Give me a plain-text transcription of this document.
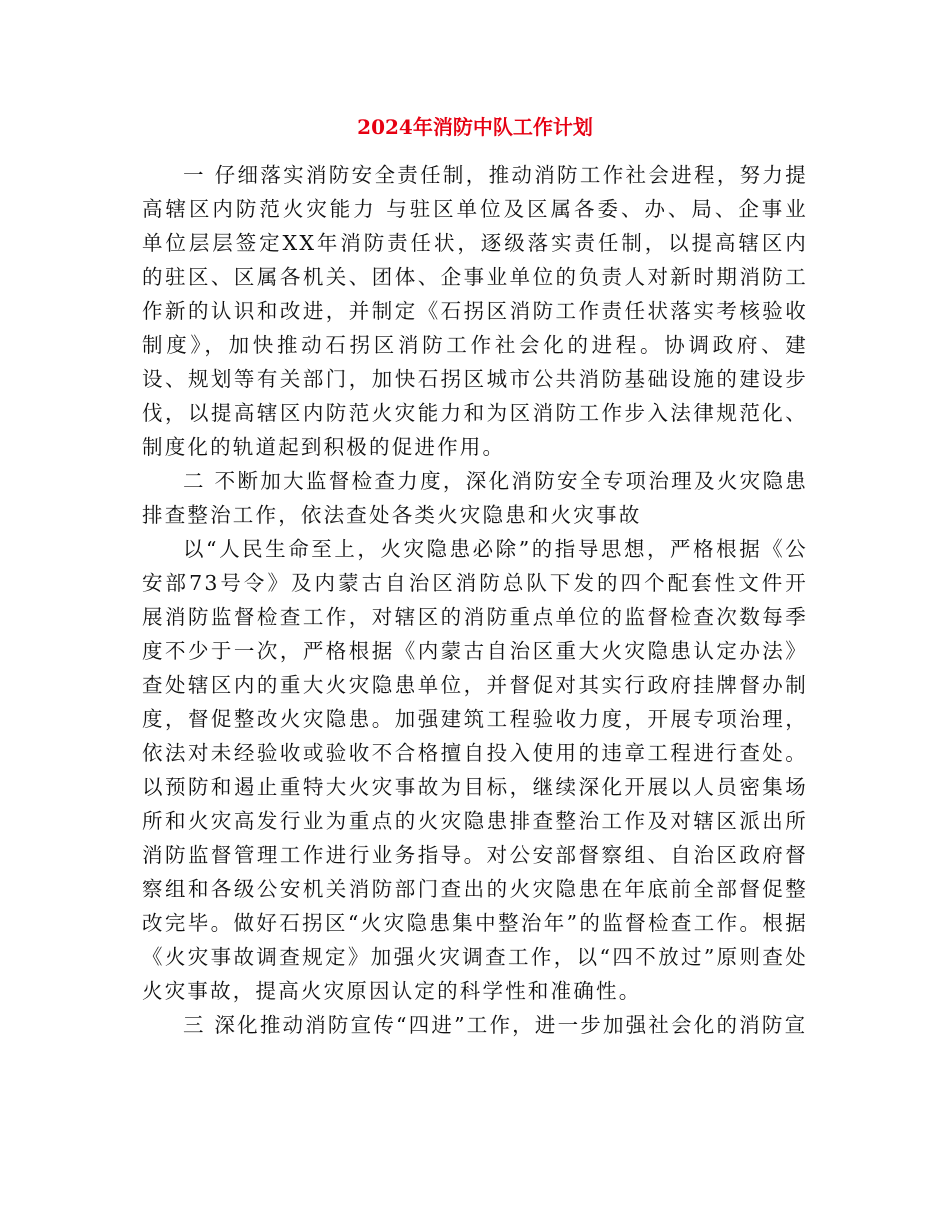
2024年消防中队工作计划

一 仔细落实消防安全责任制，推动消防工作社会进程，努力提高辖区内防范火灾能力 与驻区单位及区属各委、办、局、企事业单位层层签定XX年消防责任状，逐级落实责任制，以提高辖区内的驻区、区属各机关、团体、企事业单位的负责人对新时期消防工作新的认识和改进，并制定《石拐区消防工作责任状落实考核验收制度》，加快推动石拐区消防工作社会化的进程。协调政府、建设、规划等有关部门，加快石拐区城市公共消防基础设施的建设步伐，以提高辖区内防范火灾能力和为区消防工作步入法律规范化、制度化的轨道起到积极的促进作用。

二 不断加大监督检查力度，深化消防安全专项治理及火灾隐患排查整治工作，依法查处各类火灾隐患和火灾事故

以“人民生命至上，火灾隐患必除”的指导思想，严格根据《公安部73号令》及内蒙古自治区消防总队下发的四个配套性文件开展消防监督检查工作，对辖区的消防重点单位的监督检查次数每季度不少于一次，严格根据《内蒙古自治区重大火灾隐患认定办法》查处辖区内的重大火灾隐患单位，并督促对其实行政府挂牌督办制度，督促整改火灾隐患。加强建筑工程验收力度，开展专项治理，依法对未经验收或验收不合格擅自投入使用的违章工程进行查处。以预防和遏止重特大火灾事故为目标，继续深化开展以人员密集场所和火灾高发行业为重点的火灾隐患排查整治工作及对辖区派出所消防监督管理工作进行业务指导。对公安部督察组、自治区政府督察组和各级公安机关消防部门查出的火灾隐患在年底前全部督促整改完毕。做好石拐区“火灾隐患集中整治年”的监督检查工作。根据《火灾事故调查规定》加强火灾调查工作，以“四不放过”原则查处火灾事故，提高火灾原因认定的科学性和准确性。

三 深化推动消防宣传“四进”工作，进一步加强社会化的消防宣
